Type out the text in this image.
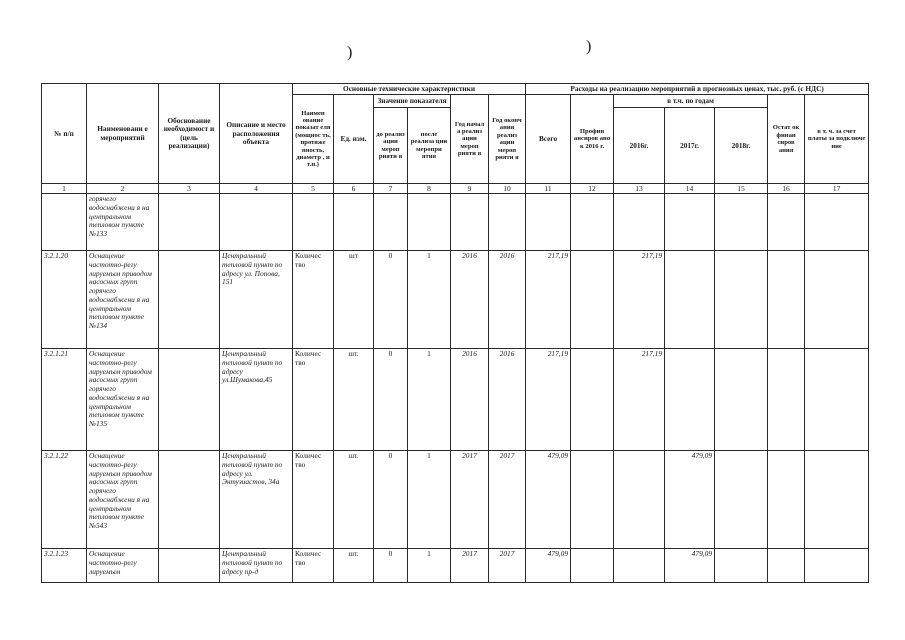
)	)
№ п/п	Наименовани е мероприятий	Обоснование необходимост и (цель реализации)	Описание и место расположения объекта	Основные технические характеристики						Расходы на реализацию мероприятий в прогнозных ценах, тыс. руб. (с НДС)						
				Наимен ование показат еля (мощнос ть, протяже нность, диаметр , и т.п.)	Ед. изм.	Значение показателя		Год начал а реализ ации мероп рияти я	Год оконч ания реализ ации мероп рияти я	Всего	Профин ансиров ано к 2016 г.	в т.ч. по годам			Остат ок финан сиров ания	в т. ч. за счет платы за подключе ние
						до реализ ации мероп рияти я	после реализа ции меропри ятия					2016г.	2017г.	2018г.		

1	2	3	4	5	6	7	8	9	10	11	12	13	14	15	16	17
	горячего водоснабжени я на центральном тепловом пункте №133															
3.2.1.20	Оснащение частотно-регу лируемым приводом насосных групп горячего водоснабжени я на центральном тепловом пункте №134		Центральный тепловой пункт по адресу ул. Попова, 151	Количес тво	шт	0	1	2016	2016	217,19		217,19				
3.2.1.21	Оснащение частотно-регу лируемым приводом насосных групп горячего водоснабжени я на центральном тепловом пункте №135		Центральный тепловой пункт по адресу ул.Шумакова,45	Количес тво	шт.	0	1	2016	2016	217,19		217,19				
3.2.1.22	Оснащение частотно-регу лируемым приводом насосных групп горячего водоснабжени я на центральном тепловом пункте №543		Центральный тепловой пункт по адресу ул. Энтузиастов, 34а	Количес тво	шт.	0	1	2017	2017	479,09			479,09			
3.2.1.23	Оснащение частотно-регу лируемым		Центральный тепловой пункт по адресу пр-д	Количес тво	шт.	0	1	2017	2017	479,09			479,09			
